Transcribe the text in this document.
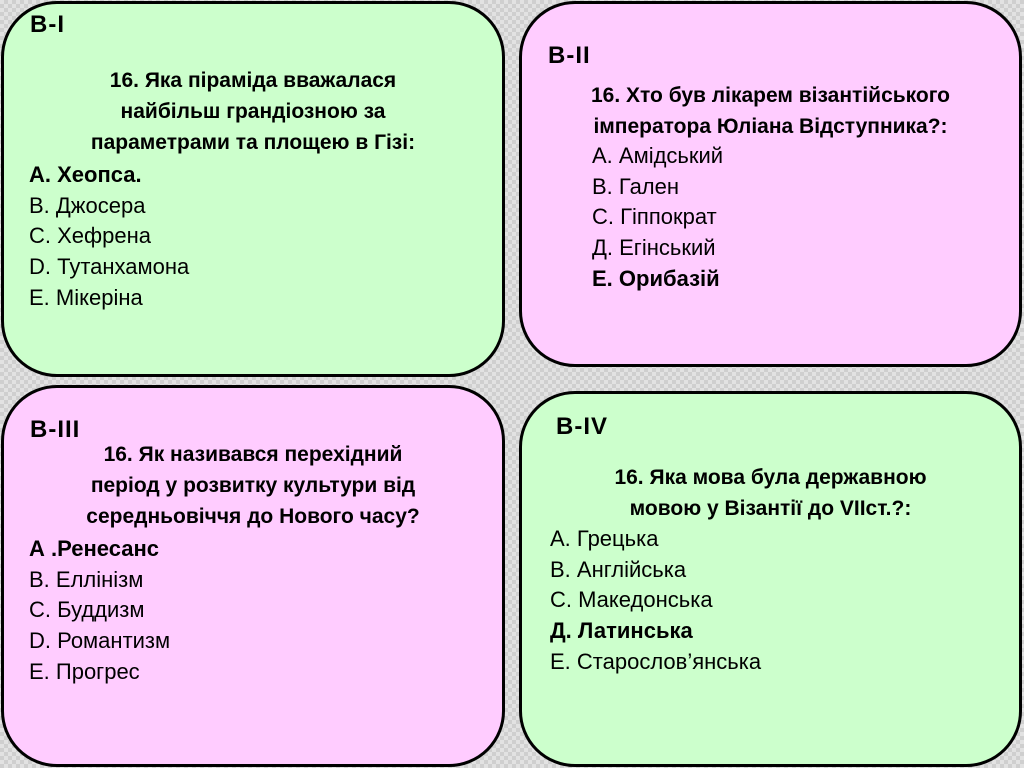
В-І
16. Яка піраміда вважалася
найбільш грандіозною за
параметрами та площею в Гізі:
А. Хеопса.
В. Джосера
С. Хефрена
D. Тутанхамона
Е. Мікеріна
В-ІІ
16. Хто був лікарем візантійського
імператора Юліана Відступника?:
А. Амідський
В. Гален
С. Гіппократ
Д. Егінський
Е. Орибазій
В-ІІІ
16. Як називався перехідний
період у розвитку культури від
середньовіччя до Нового часу?
А .Ренесанс
В. Еллінізм
С. Буддизм
D. Романтизм
Е. Прогрес
В-ІV
16. Яка мова була державною
мовою у Візантії до VІІст.?:
А. Грецька
В. Англійська
С. Македонська
Д. Латинська
Е. Старослов’янська
